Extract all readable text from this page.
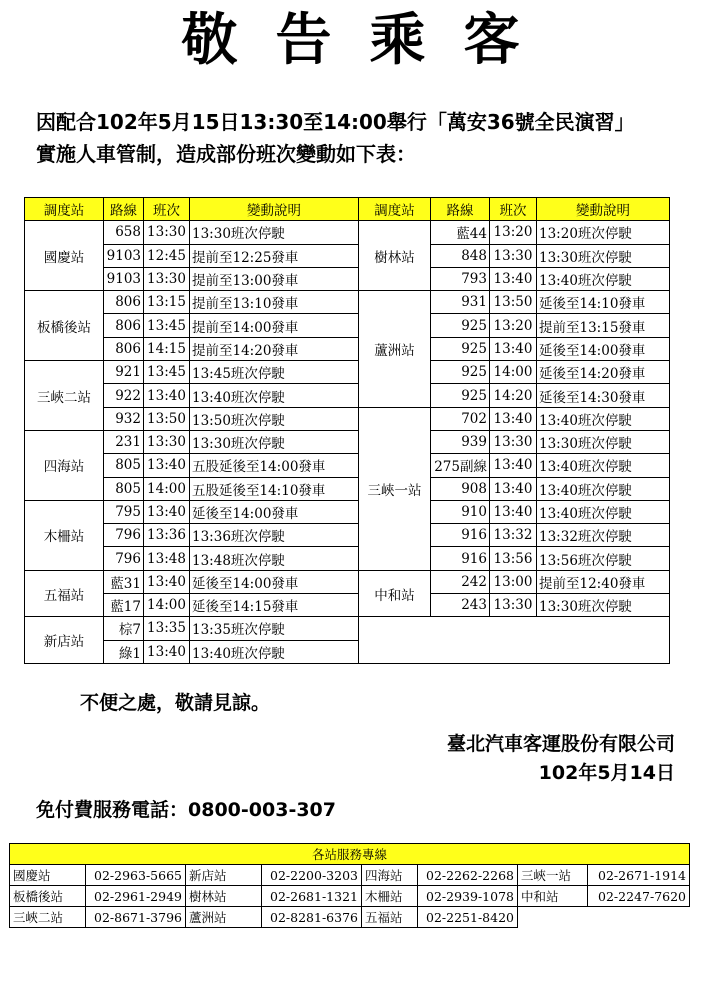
敬告乘客
因配合102年5月15日13:30至14:00舉行「萬安36號全民演習」
實施人車管制，造成部份班次變動如下表：
調度站	路線	班次	變動說明	調度站	路線	班次	變動說明
國慶站	658	13:30	13:30班次停駛	樹林站	藍44	13:20	13:20班次停駛
	9103	12:45	提前至12:25發車		848	13:30	13:30班次停駛
	9103	13:30	提前至13:00發車		793	13:40	13:40班次停駛
板橋後站	806	13:15	提前至13:10發車	蘆洲站	931	13:50	延後至14:10發車
	806	13:45	提前至14:00發車		925	13:20	提前至13:15發車
	806	14:15	提前至14:20發車		925	13:40	延後至14:00發車
三峽二站	921	13:45	13:45班次停駛		925	14:00	延後至14:20發車
	922	13:40	13:40班次停駛		925	14:20	延後至14:30發車
	932	13:50	13:50班次停駛	三峽一站	702	13:40	13:40班次停駛
四海站	231	13:30	13:30班次停駛		939	13:30	13:30班次停駛
	805	13:40	五股延後至14:00發車		275副線	13:40	13:40班次停駛
	805	14:00	五股延後至14:10發車		908	13:40	13:40班次停駛
木柵站	795	13:40	延後至14:00發車		910	13:40	13:40班次停駛
	796	13:36	13:36班次停駛		916	13:32	13:32班次停駛
	796	13:48	13:48班次停駛		916	13:56	13:56班次停駛
五福站	藍31	13:40	延後至14:00發車	中和站	242	13:00	提前至12:40發車
	藍17	14:00	延後至14:15發車		243	13:30	13:30班次停駛
新店站	棕7	13:35	13:35班次停駛				
	綠1	13:40	13:40班次停駛				
不便之處，敬請見諒。
臺北汽車客運股份有限公司
102年5月14日
免付費服務電話：0800-003-307
各站服務專線							
國慶站	02-2963-5665	新店站	02-2200-3203	四海站	02-2262-2268	三峽一站	02-2671-1914
板橋後站	02-2961-2949	樹林站	02-2681-1321	木柵站	02-2939-1078	中和站	02-2247-7620
三峽二站	02-8671-3796	蘆洲站	02-8281-6376	五福站	02-2251-8420		
